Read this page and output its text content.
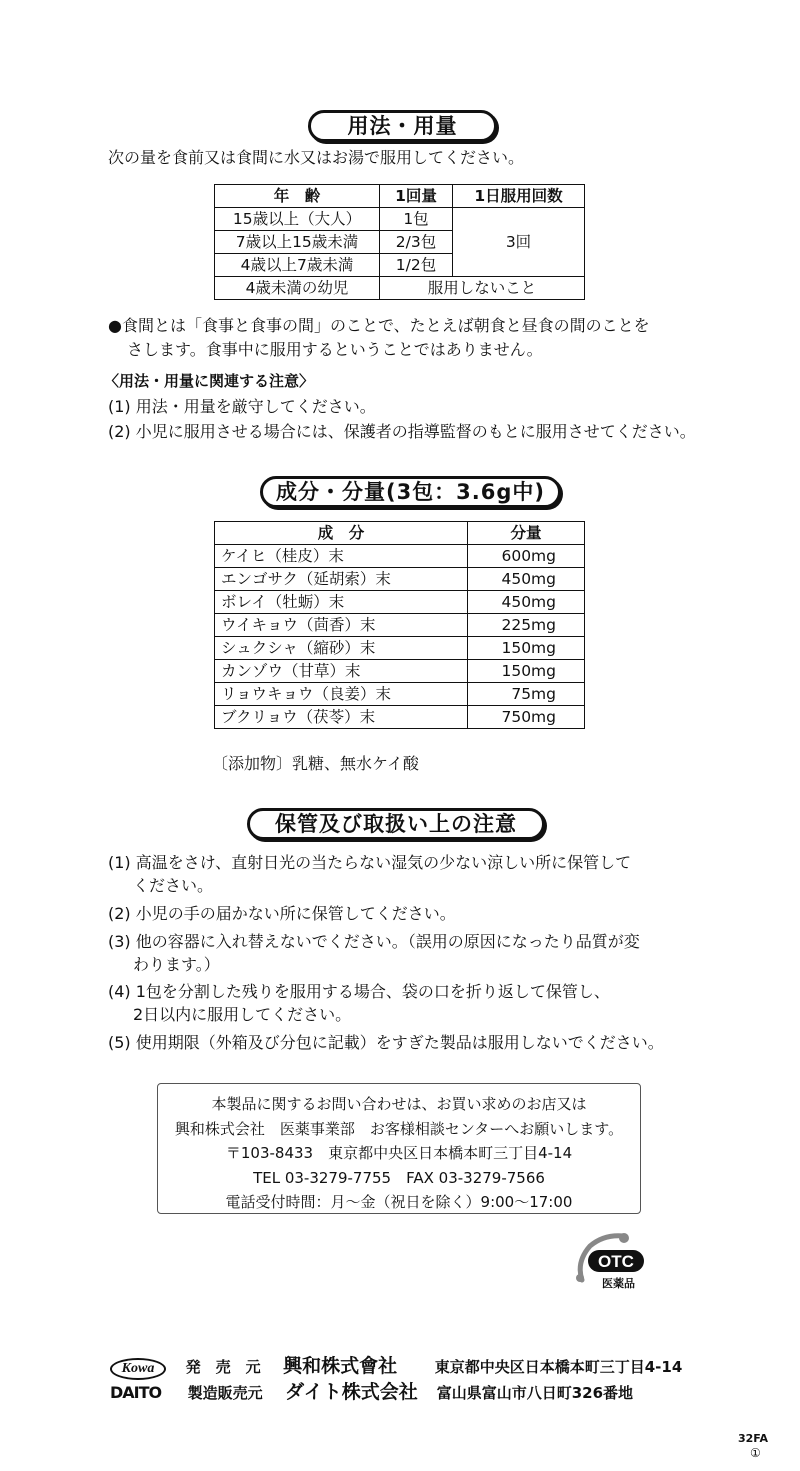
用法・用量
次の量を食前又は食間に水又はお湯で服用してください。
年　齢	1回量	1日服用回数
15歳以上（大人）	1包	3回
7歳以上15歳未満	2/3包	
4歳以上7歳未満	1/2包	
4歳未満の幼児	服用しないこと	
●食間とは「食事と食事の間」のことで、たとえば朝食と昼食の間のことを
さします。食事中に服用するということではありません。
〈用法・用量に関連する注意〉
(1) 用法・用量を厳守してください。
(2) 小児に服用させる場合には、保護者の指導監督のもとに服用させてください。
成分・分量(3包：3.6g中)
成　分	分量
ケイヒ（桂皮）末	600mg
エンゴサク（延胡索）末	450mg
ボレイ（牡蛎）末	450mg
ウイキョウ（茴香）末	225mg
シュクシャ（縮砂）末	150mg
カンゾウ（甘草）末	150mg
リョウキョウ（良姜）末	75mg
ブクリョウ（茯苓）末	750mg
〔添加物〕乳糖、無水ケイ酸
保管及び取扱い上の注意
(1) 高温をさけ、直射日光の当たらない湿気の少ない涼しい所に保管して
ください。
(2) 小児の手の届かない所に保管してください。
(3) 他の容器に入れ替えないでください。（誤用の原因になったり品質が変
わります。）
(4) 1包を分割した残りを服用する場合、袋の口を折り返して保管し、
2日以内に服用してください。
(5) 使用期限（外箱及び分包に記載）をすぎた製品は服用しないでください。
本製品に関するお問い合わせは、お買い求めのお店又は
興和株式会社　医薬事業部　お客様相談センターへお願いします。
〒103-8433　東京都中央区日本橋本町三丁目4-14
TEL 03-3279-7755　FAX 03-3279-7566
電話受付時間：月～金（祝日を除く）9:00～17:00
OTC
医薬品
Kowa 発　売　元 興和株式會社	東京都中央区日本橋本町三丁目4-14
DAITO 製造販売元 ダイト株式会社 富山県富山市八日町326番地
32FA
①
